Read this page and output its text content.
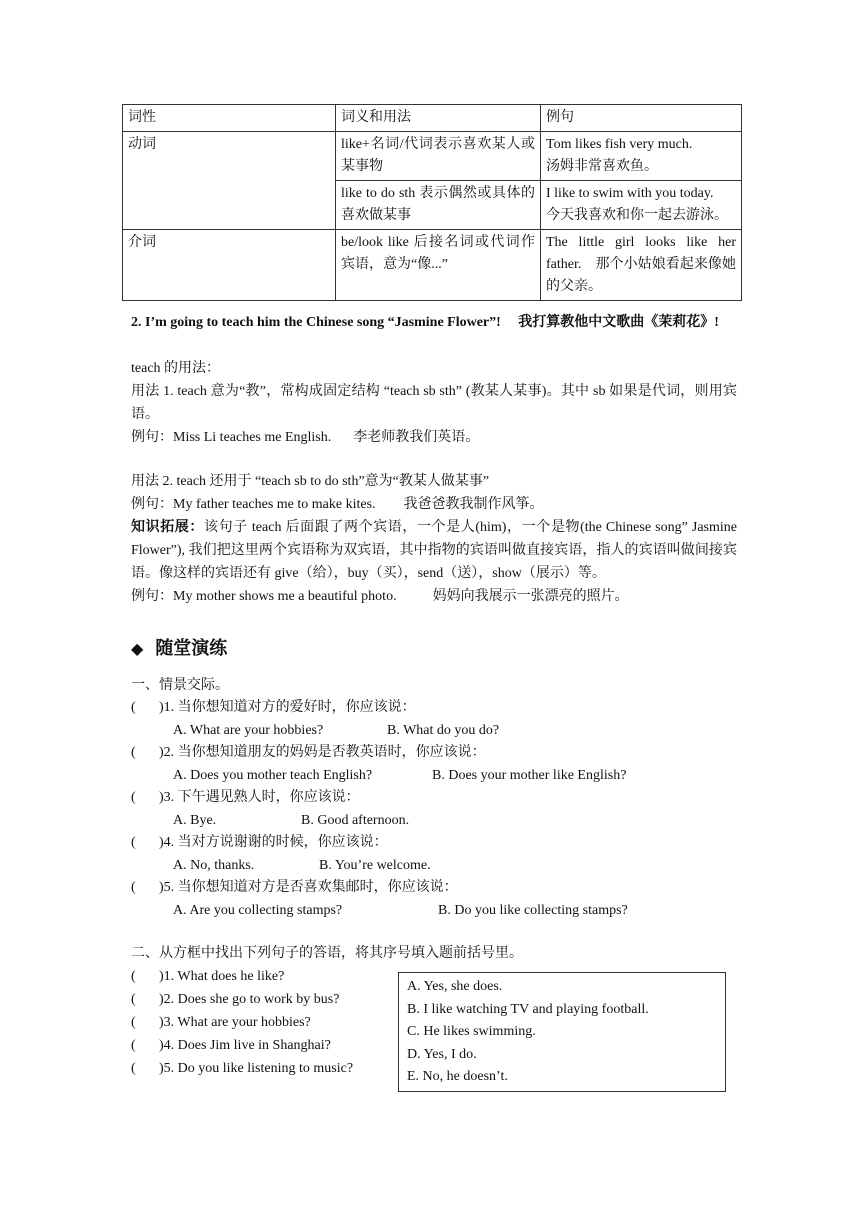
词性	词义和用法	例句
动词	like+名词/代词表示喜欢某人或某事物	Tom likes fish very much.
汤姆非常喜欢鱼。

	like to do sth 表示偶然或具体的喜欢做某事	I like to swim with you today.
今天我喜欢和你一起去游泳。

介词	be/look like 后接名词或代词作宾语，意为“像...”	The little girl looks like her father.　那个小姑娘看起来像她的父亲。
2. I’m going to teach him the Chinese song “Jasmine Flower”!　 我打算教他中文歌曲《茉莉花》!
teach 的用法：
用法 1. teach 意为“教”，常构成固定结构 “teach sb sth” (教某人某事)。其中 sb 如果是代词，则用宾语。
例句：Miss Li teaches me English. 李老师教我们英语。
用法 2. teach 还用于 “teach sb to do sth”意为“教某人做某事”
例句：My father teaches me to make kites. 我爸爸教我制作风筝。
知识拓展：该句子 teach 后面跟了两个宾语，一个是人(him)，一个是物(the Chinese song” Jasmine Flower”), 我们把这里两个宾语称为双宾语，其中指物的宾语叫做直接宾语，指人的宾语叫做间接宾语。像这样的宾语还有 give（给），buy（买），send（送），show（展示）等。
例句：My mother shows me a beautiful photo.	妈妈向我展示一张漂亮的照片。
◆ 随堂演练
一、情景交际。
( )1. 当你想知道对方的爱好时，你应该说：
A. What are your hobbies?	B. What do you do?
( )2. 当你想知道朋友的妈妈是否教英语时，你应该说：
A. Does you mother teach English?	B. Does your mother like English?
( )3. 下午遇见熟人时，你应该说：
A. Bye.	B. Good afternoon.
( )4. 当对方说谢谢的时候，你应该说：
A. No, thanks.	B. You’re welcome.
( )5. 当你想知道对方是否喜欢集邮时，你应该说：
A. Are you collecting stamps?	B. Do you like collecting stamps?
二、从方框中找出下列句子的答语，将其序号填入题前括号里。
( )1. What does he like?
( )2. Does she go to work by bus?
( )3. What are your hobbies?
( )4. Does Jim live in Shanghai?
( )5. Do you like listening to music?
A. Yes, she does.
B. I like watching TV and playing football.
C. He likes swimming.
D. Yes, I do.
E. No, he doesn’t.
